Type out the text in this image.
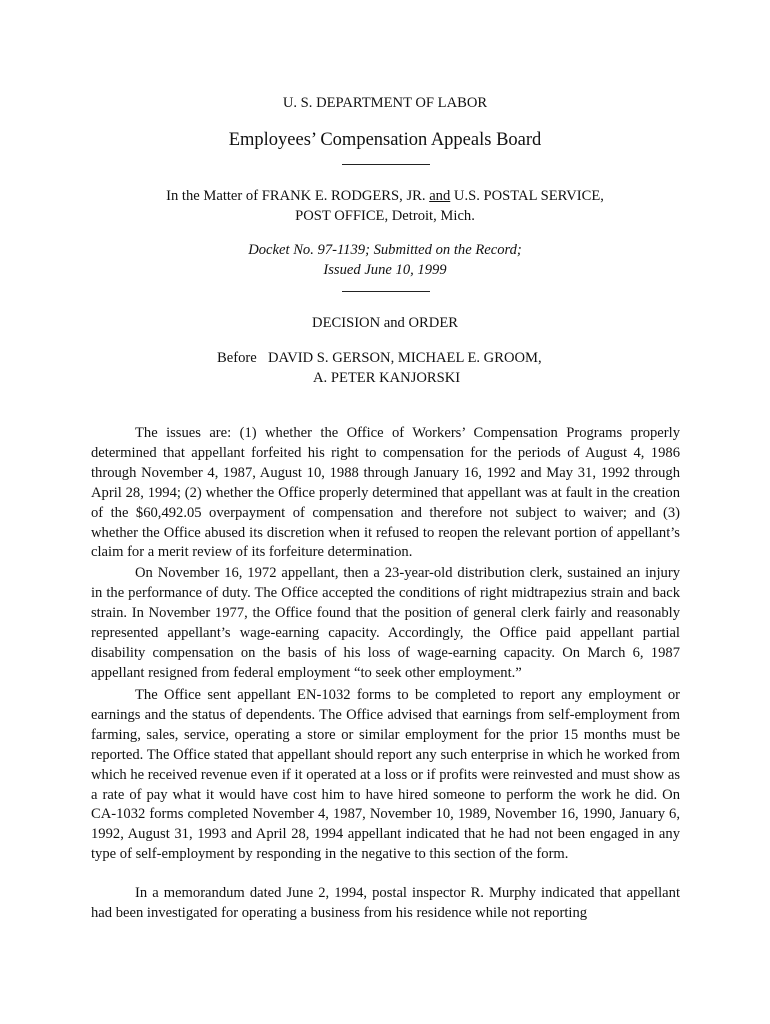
U. S. DEPARTMENT OF LABOR
Employees’ Compensation Appeals Board
In the Matter of FRANK E. RODGERS, JR. and U.S. POSTAL SERVICE,
POST OFFICE, Detroit, Mich.
Docket No. 97-1139; Submitted on the Record;
Issued June 10, 1999
DECISION and ORDER
Before DAVID S. GERSON, MICHAEL E. GROOM,
A. PETER KANJORSKI

The issues are: (1) whether the Office of Workers’ Compensation Programs properly determined that appellant forfeited his right to compensation for the periods of August 4, 1986 through November 4, 1987, August 10, 1988 through January 16, 1992 and May 31, 1992 through April 28, 1994; (2) whether the Office properly determined that appellant was at fault in the creation of the $60,492.05 overpayment of compensation and therefore not subject to waiver; and (3) whether the Office abused its discretion when it refused to reopen the relevant portion of appellant’s claim for a merit review of its forfeiture determination.

On November 16, 1972 appellant, then a 23-year-old distribution clerk, sustained an injury in the performance of duty. The Office accepted the conditions of right midtrapezius strain and back strain. In November 1977, the Office found that the position of general clerk fairly and reasonably represented appellant’s wage-earning capacity. Accordingly, the Office paid appellant partial disability compensation on the basis of his loss of wage-earning capacity. On March 6, 1987 appellant resigned from federal employment “to seek other employment.”

The Office sent appellant EN-1032 forms to be completed to report any employment or earnings and the status of dependents. The Office advised that earnings from self-employment from farming, sales, service, operating a store or similar employment for the prior 15 months must be reported. The Office stated that appellant should report any such enterprise in which he worked from which he received revenue even if it operated at a loss or if profits were reinvested and must show as a rate of pay what it would have cost him to have hired someone to perform the work he did. On CA-1032 forms completed November 4, 1987, November 10, 1989, November 16, 1990, January 6, 1992, August 31, 1993 and April 28, 1994 appellant indicated that he had not been engaged in any type of self-employment by responding in the negative to this section of the form.

In a memorandum dated June 2, 1994, postal inspector R. Murphy indicated that appellant had been investigated for operating a business from his residence while not reporting
